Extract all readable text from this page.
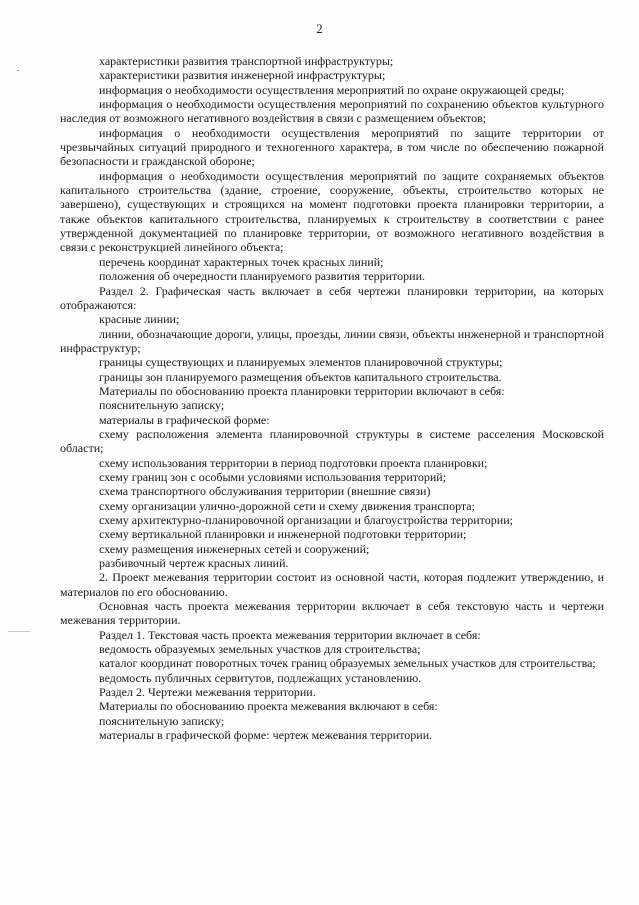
2

характеристики развития транспортной инфраструктуры;

характеристики развития инженерной инфраструктуры;

информация о необходимости осуществления мероприятий по охране окружающей среды;

информация о необходимости осуществления мероприятий по сохранению объектов культурного наследия от возможного негативного воздействия в связи с размещением объектов;

информация о необходимости осуществления мероприятий по защите территории от чрезвычайных ситуаций природного и техногенного характера, в том числе по обеспечению пожарной безопасности и гражданской обороне;

информация о необходимости осуществления мероприятий по защите сохраняемых объектов капитального строительства (здание, строение, сооружение, объекты, строительство которых не завершено), существующих и строящихся на момент подготовки проекта планировки территории, а также объектов капитального строительства, планируемых к строительству в соответствии с ранее утвержденной документацией по планировке территории, от возможного негативного воздействия в связи с реконструкцией линейного объекта;

перечень координат характерных точек красных линий;

положения об очередности планируемого развития территории.

Раздел 2. Графическая часть включает в себя чертежи планировки территории, на которых отображаются:

красные линии;

линии, обозначающие дороги, улицы, проезды, линии связи, объекты инженерной и транспортной инфраструктур;

границы существующих и планируемых элементов планировочной структуры;

границы зон планируемого размещения объектов капитального строительства.

Материалы по обоснованию проекта планировки территории включают в себя:

пояснительную записку;

материалы в графической форме:

схему расположения элемента планировочной структуры в системе расселения Московской области;

схему использования территории в период подготовки проекта планировки;

схему границ зон с особыми условиями использования территорий;

схема транспортного обслуживания территории (внешние связи)

схему организации улично-дорожной сети и схему движения транспорта;

схему архитектурно-планировочной организации и благоустройства территории;

схему вертикальной планировки и инженерной подготовки территории;

схему размещения инженерных сетей и сооружений;

разбивочный чертеж красных линий.

2. Проект межевания территории состоит из основной части, которая подлежит утверждению, и материалов по его обоснованию.

Основная часть проекта межевания территории включает в себя текстовую часть и чертежи межевания территории.

Раздел 1. Текстовая часть проекта межевания территории включает в себя:

ведомость образуемых земельных участков для строительства;

каталог координат поворотных точек границ образуемых земельных участков для строительства;

ведомость публичных сервитутов, подлежащих установлению.

Раздел 2. Чертежи межевания территории.

Материалы по обоснованию проекта межевания включают в себя:

пояснительную записку;

материалы в графической форме: чертеж межевания территории.
